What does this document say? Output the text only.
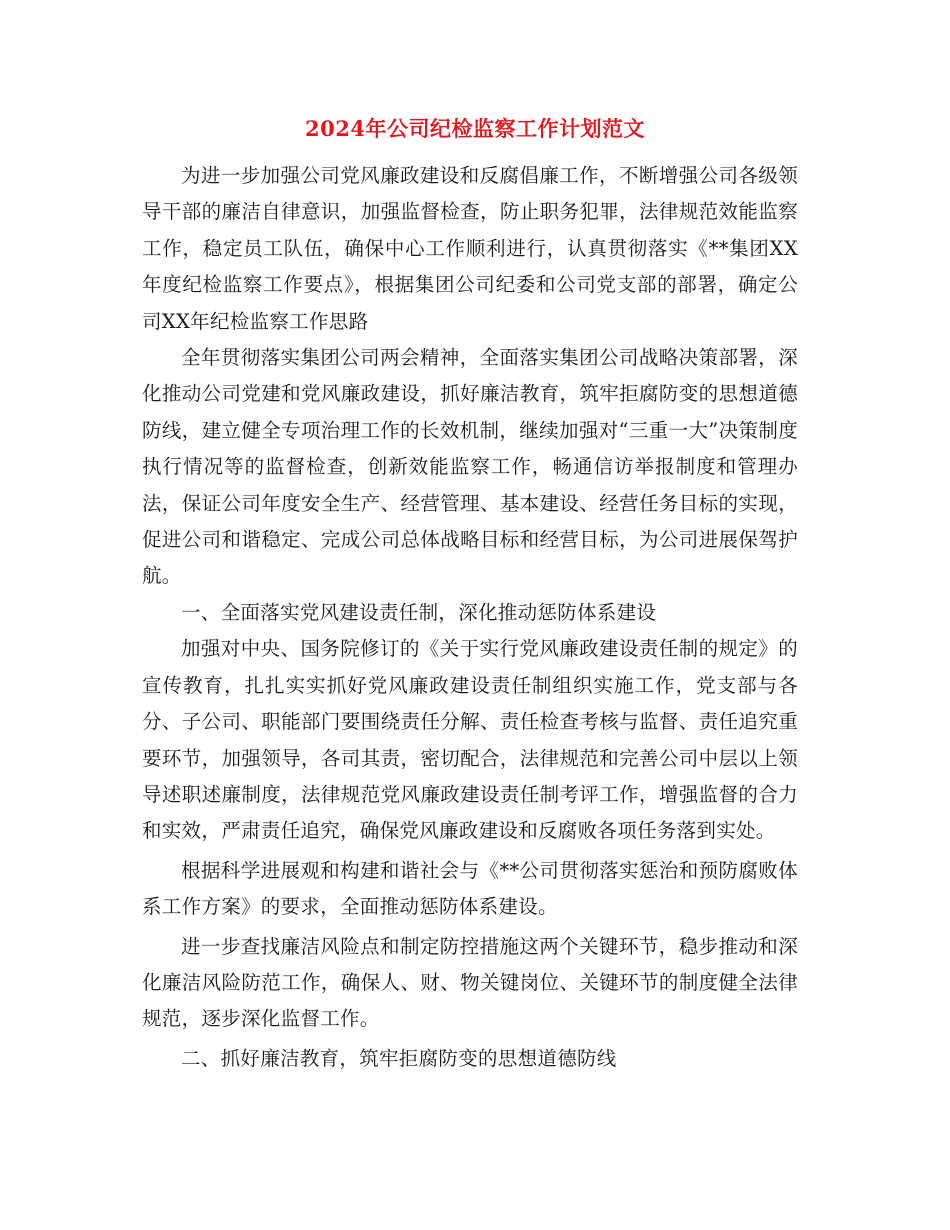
2024年公司纪检监察工作计划范文

为进一步加强公司党风廉政建设和反腐倡廉工作，不断增强公司各级领导干部的廉洁自律意识，加强监督检查，防止职务犯罪，法律规范效能监察工作，稳定员工队伍，确保中心工作顺利进行，认真贯彻落实《**集团XX年度纪检监察工作要点》，根据集团公司纪委和公司党支部的部署，确定公司XX年纪检监察工作思路

全年贯彻落实集团公司两会精神，全面落实集团公司战略决策部署，深化推动公司党建和党风廉政建设，抓好廉洁教育，筑牢拒腐防变的思想道德防线，建立健全专项治理工作的长效机制，继续加强对“三重一大”决策制度执行情况等的监督检查，创新效能监察工作，畅通信访举报制度和管理办法，保证公司年度安全生产、经营管理、基本建设、经营任务目标的实现，促进公司和谐稳定、完成公司总体战略目标和经营目标，为公司进展保驾护航。

一、全面落实党风建设责任制，深化推动惩防体系建设

加强对中央、国务院修订的《关于实行党风廉政建设责任制的规定》的宣传教育，扎扎实实抓好党风廉政建设责任制组织实施工作，党支部与各分、子公司、职能部门要围绕责任分解、责任检查考核与监督、责任追究重要环节，加强领导，各司其责，密切配合，法律规范和完善公司中层以上领导述职述廉制度，法律规范党风廉政建设责任制考评工作，增强监督的合力和实效，严肃责任追究，确保党风廉政建设和反腐败各项任务落到实处。

根据科学进展观和构建和谐社会与《**公司贯彻落实惩治和预防腐败体系工作方案》的要求，全面推动惩防体系建设。

进一步查找廉洁风险点和制定防控措施这两个关键环节，稳步推动和深化廉洁风险防范工作，确保人、财、物关键岗位、关键环节的制度健全法律规范，逐步深化监督工作。

二、抓好廉洁教育，筑牢拒腐防变的思想道德防线
